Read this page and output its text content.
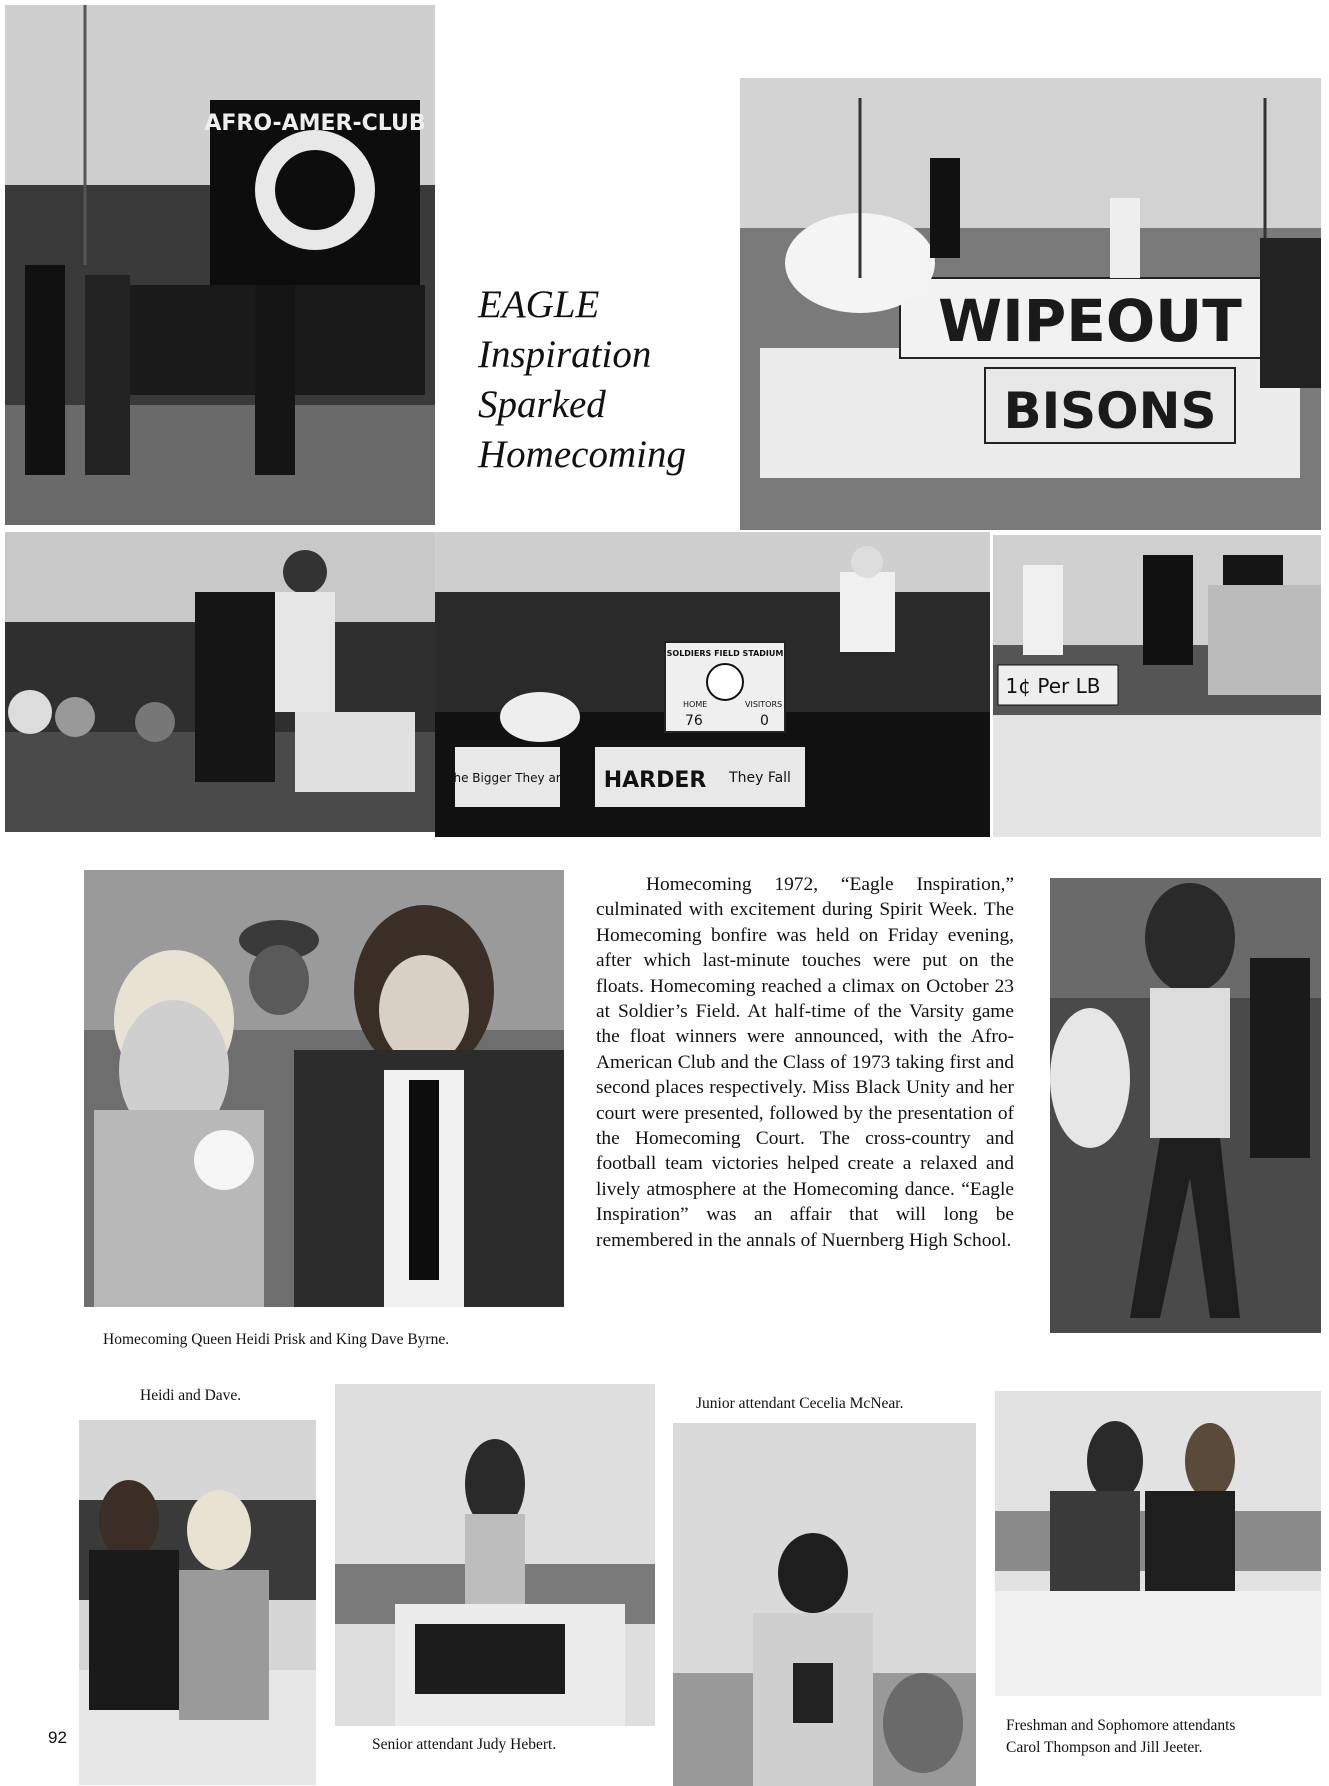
AFRO-AMER-CLUB
EAGLE
Inspiration
Sparked
Homecoming
WIPEOUT
BISONS
SOLDIERS FIELD STADIUM
HOME	VISITORS
76	0
The Bigger They are HARDER They Fall
1¢ Per LB
Homecoming 1972, “Eagle Inspiration,” culminated with excitement during Spirit Week. The Homecoming bonfire was held on Friday evening, after which last-minute touches were put on the floats. Homecoming reached a climax on October 23 at Soldier’s Field. At half-time of the Varsity game the float winners were announced, with the Afro-American Club and the Class of 1973 taking first and second places respectively. Miss Black Unity and her court were presented, followed by the presentation of the Homecoming Court. The cross-country and football team victories helped create a relaxed and lively atmosphere at the Homecoming dance. “Eagle Inspiration” was an affair that will long be remembered in the annals of Nuernberg High School.
Homecoming Queen Heidi Prisk and King Dave Byrne.
Heidi and Dave.
Senior attendant Judy Hebert.
Junior attendant Cecelia McNear.
Freshman and Sophomore attendants
Carol Thompson and Jill Jeeter.
92
